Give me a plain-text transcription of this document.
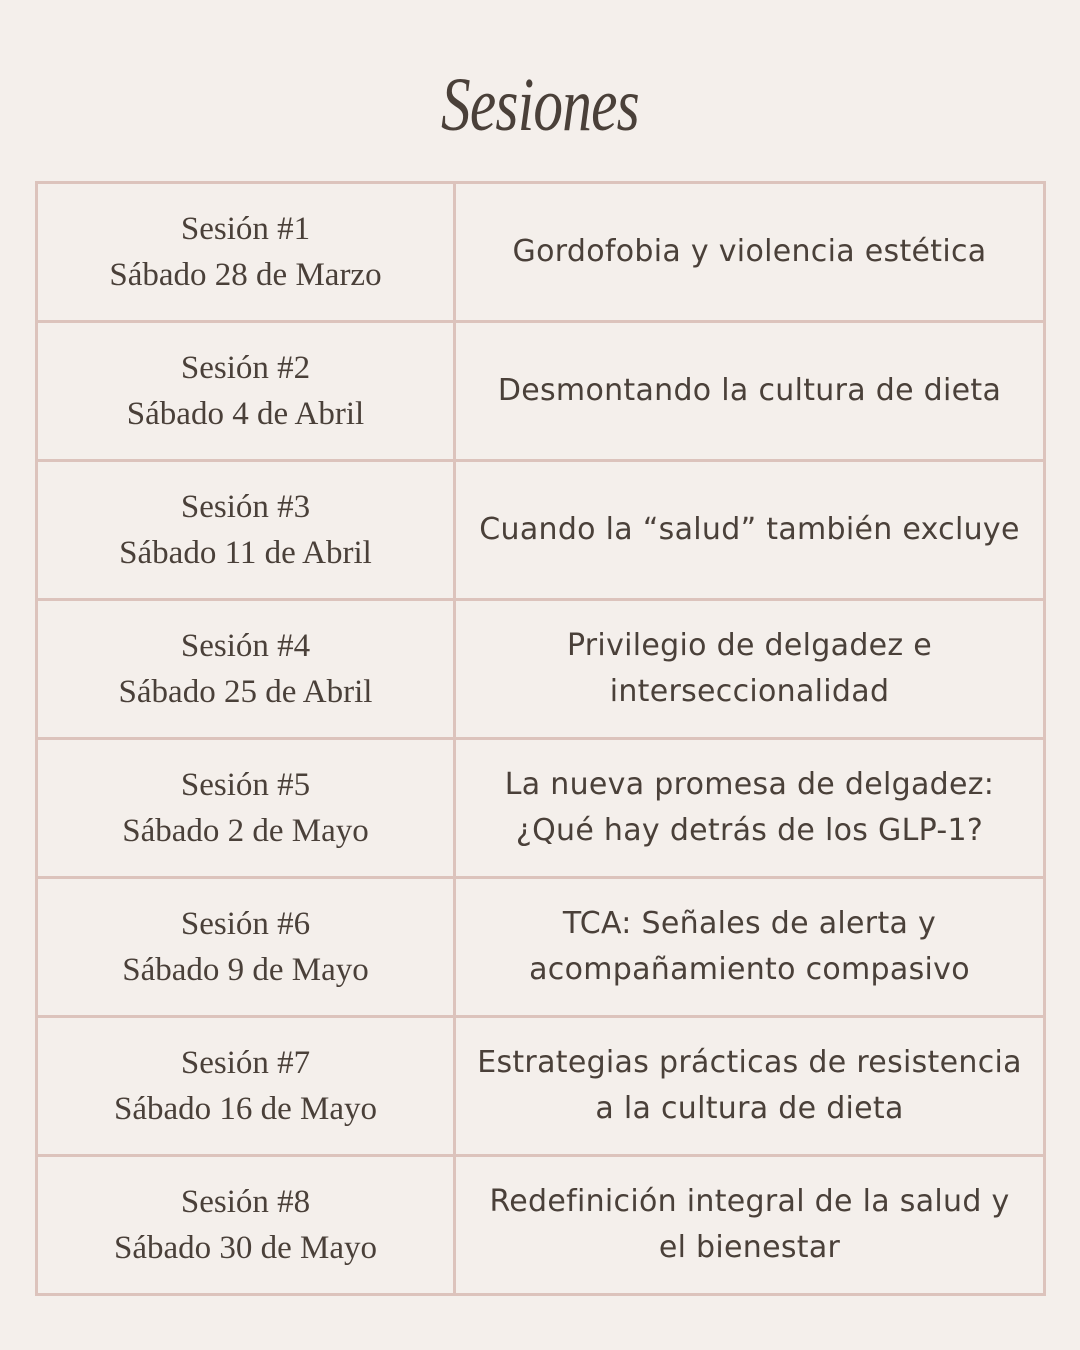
Sesiones
Sesión #1
Sábado 28 de Marzo	Gordofobia y violencia estética

Sesión #2
Sábado 4 de Abril	Desmontando la cultura de dieta

Sesión #3
Sábado 11 de Abril	Cuando la “salud” también excluye

Sesión #4
Sábado 25 de Abril	Privilegio de delgadez e interseccionalidad

Sesión #5
Sábado 2 de Mayo	La nueva promesa de delgadez: ¿Qué hay detrás de los GLP-1?

Sesión #6
Sábado 9 de Mayo	TCA: Señales de alerta y acompañamiento compasivo

Sesión #7
Sábado 16 de Mayo	Estrategias prácticas de resistencia a la cultura de dieta

Sesión #8
Sábado 30 de Mayo	Redefinición integral de la salud y el bienestar
